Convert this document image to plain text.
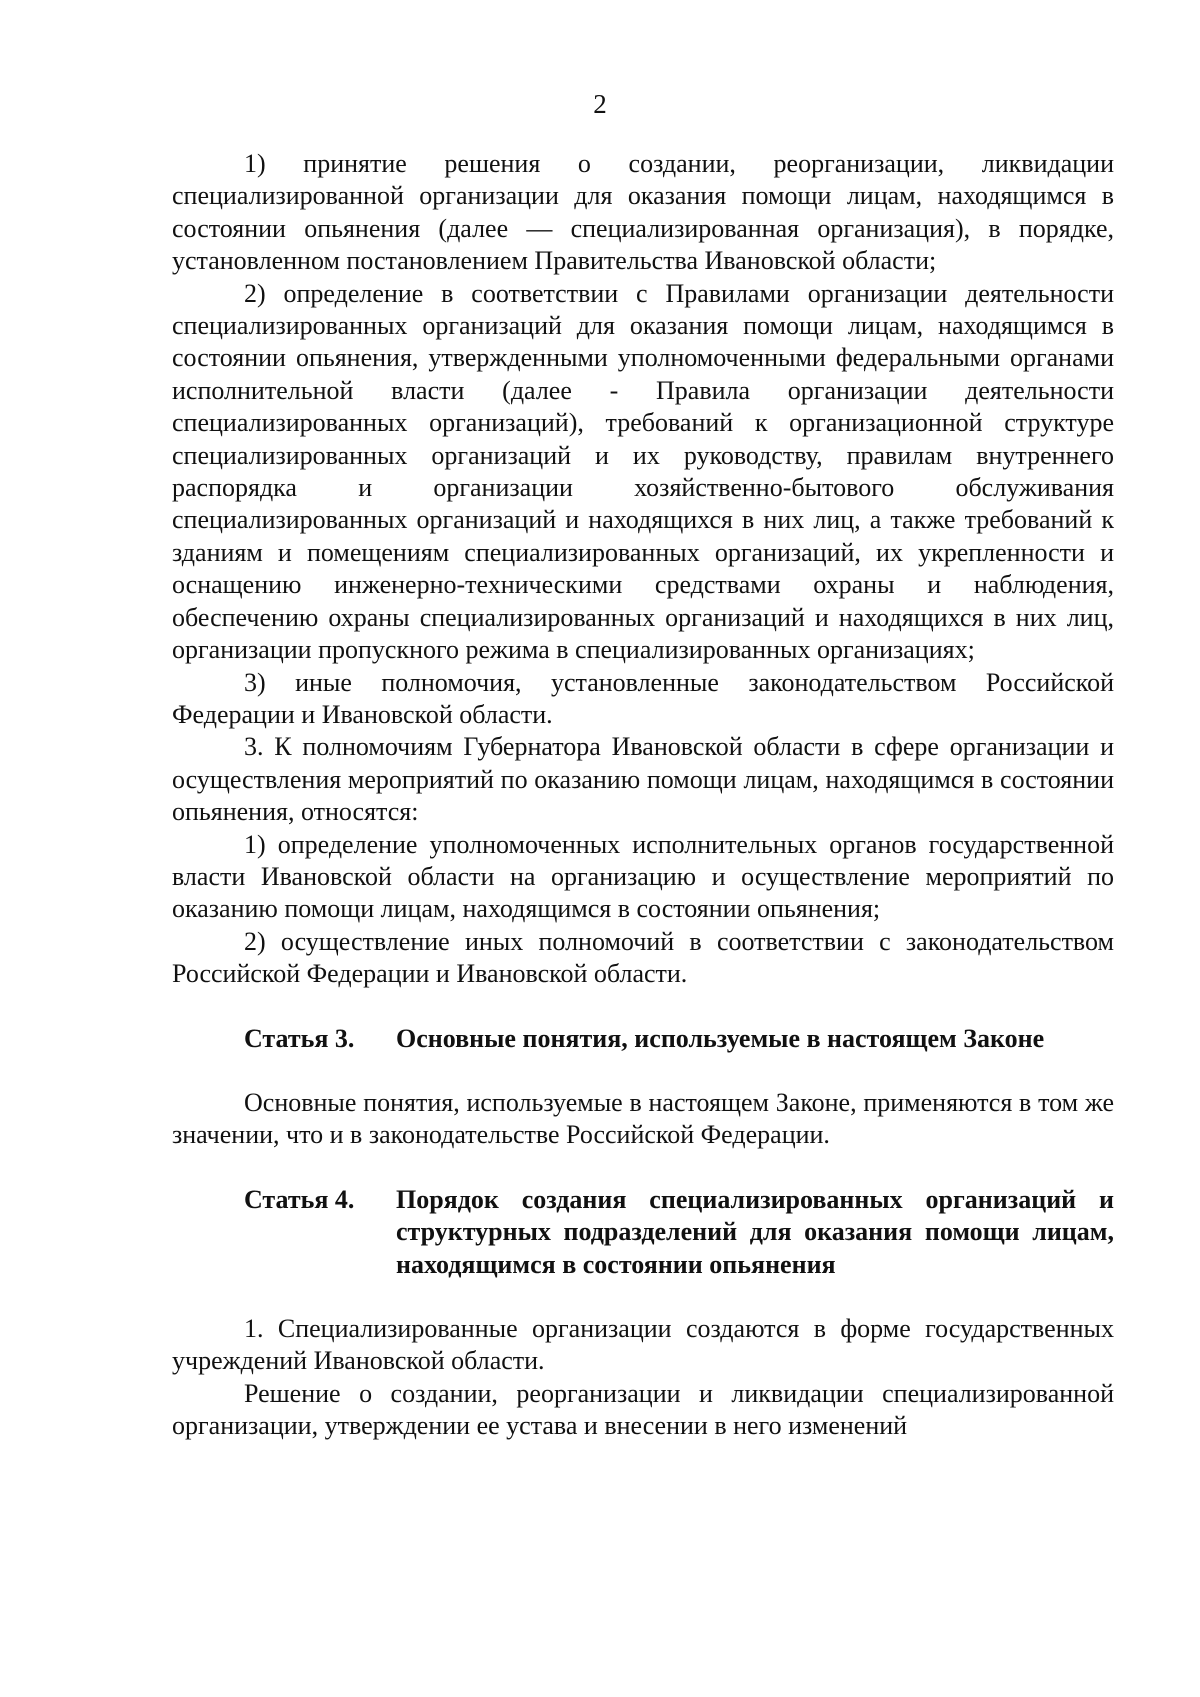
2

1) принятие решения о создании, реорганизации, ликвидации специализированной организации для оказания помощи лицам, находящимся в состоянии опьянения (далее — специализированная организация), в порядке, установленном постановлением Правительства Ивановской области;

2) определение в соответствии с Правилами организации деятельности специализированных организаций для оказания помощи лицам, находящимся в состоянии опьянения, утвержденными уполномоченными федеральными органами исполнительной власти (далее - Правила организации деятельности специализированных организаций), требований к организационной структуре специализированных организаций и их руководству, правилам внутреннего распорядка и организации хозяйственно-бытового обслуживания специализированных организаций и находящихся в них лиц, а также требований к зданиям и помещениям специализированных организаций, их укрепленности и оснащению инженерно-техническими средствами охраны и наблюдения, обеспечению охраны специализированных организаций и находящихся в них лиц, организации пропускного режима в специализированных организациях;

3) иные полномочия, установленные законодательством Российской Федерации и Ивановской области.

3. К полномочиям Губернатора Ивановской области в сфере организации и осуществления мероприятий по оказанию помощи лицам, находящимся в состоянии опьянения, относятся:

1) определение уполномоченных исполнительных органов государственной власти Ивановской области на организацию и осуществление мероприятий по оказанию помощи лицам, находящимся в состоянии опьянения;

2) осуществление иных полномочий в соответствии с законодательством Российской Федерации и Ивановской области.

Статья 3.	Основные понятия, используемые в настоящем Законе

Основные понятия, используемые в настоящем Законе, применяются в том же значении, что и в законодательстве Российской Федерации.

Статья 4.	Порядок создания специализированных организаций и структурных подразделений для оказания помощи лицам, находящимся в состоянии опьянения

1. Специализированные организации создаются в форме государственных учреждений Ивановской области.

Решение о создании, реорганизации и ликвидации специализированной организации, утверждении ее устава и внесении в него изменений
